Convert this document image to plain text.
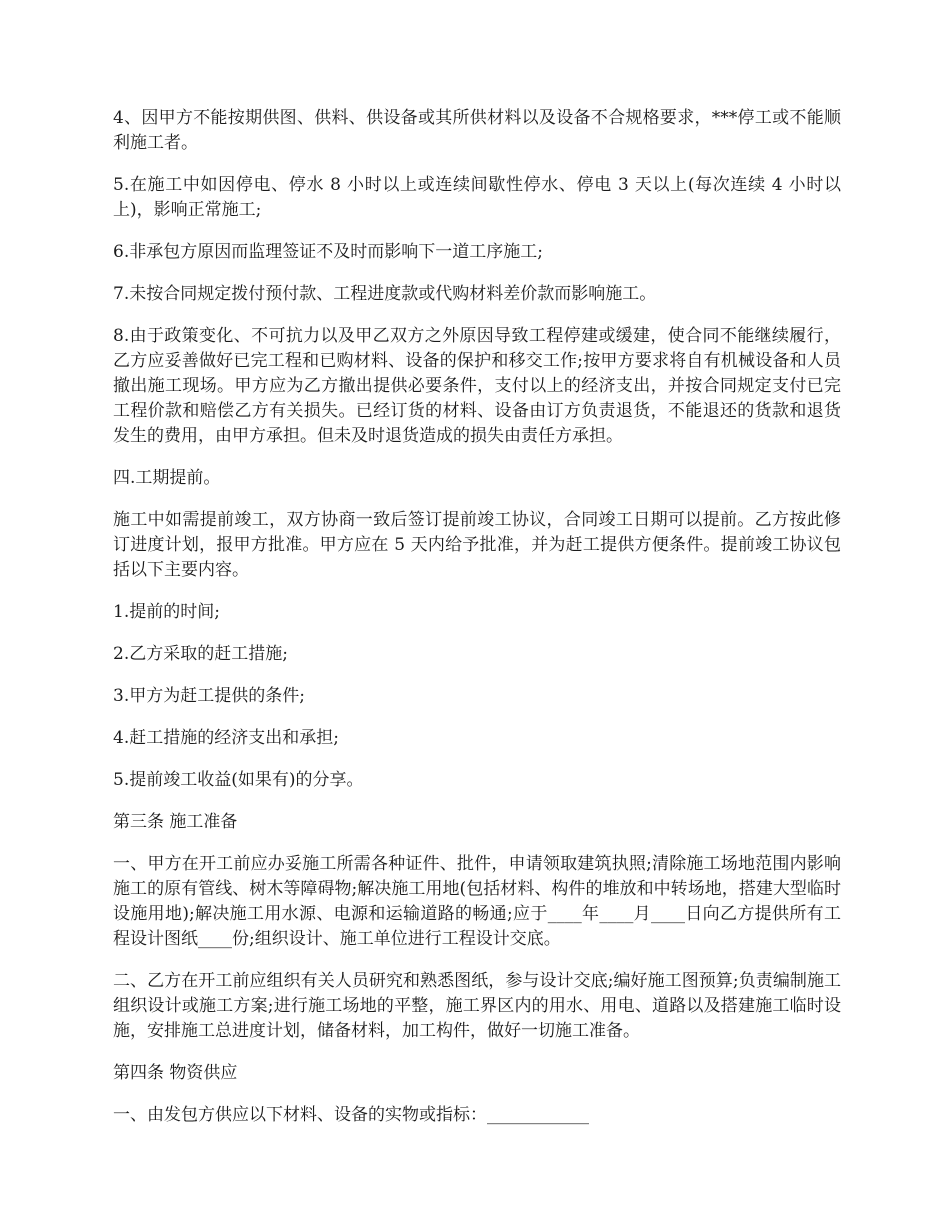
4、因甲方不能按期供图、供料、供设备或其所供材料以及设备不合规格要求，***停工或不能顺利施工者。

5.在施工中如因停电、停水 8 小时以上或连续间歇性停水、停电 3 天以上(每次连续 4 小时以上)，影响正常施工;

6.非承包方原因而监理签证不及时而影响下一道工序施工;

7.未按合同规定拨付预付款、工程进度款或代购材料差价款而影响施工。

8.由于政策变化、不可抗力以及甲乙双方之外原因导致工程停建或缓建，使合同不能继续履行，乙方应妥善做好已完工程和已购材料、设备的保护和移交工作;按甲方要求将自有机械设备和人员撤出施工现场。甲方应为乙方撤出提供必要条件，支付以上的经济支出，并按合同规定支付已完工程价款和赔偿乙方有关损失。已经订货的材料、设备由订方负责退货，不能退还的货款和退货发生的费用，由甲方承担。但未及时退货造成的损失由责任方承担。

四.工期提前。

施工中如需提前竣工，双方协商一致后签订提前竣工协议，合同竣工日期可以提前。乙方按此修订进度计划，报甲方批准。甲方应在 5 天内给予批准，并为赶工提供方便条件。提前竣工协议包括以下主要内容。

1.提前的时间;

2.乙方采取的赶工措施;

3.甲方为赶工提供的条件;

4.赶工措施的经济支出和承担;

5.提前竣工收益(如果有)的分享。

第三条 施工准备

一、甲方在开工前应办妥施工所需各种证件、批件，申请领取建筑执照;清除施工场地范围内影响施工的原有管线、树木等障碍物;解决施工用地(包括材料、构件的堆放和中转场地，搭建大型临时设施用地);解决施工用水源、电源和运输道路的畅通;应于____年____月____日向乙方提供所有工程设计图纸____份;组织设计、施工单位进行工程设计交底。

二、乙方在开工前应组织有关人员研究和熟悉图纸，参与设计交底;编好施工图预算;负责编制施工组织设计或施工方案;进行施工场地的平整，施工界区内的用水、用电、道路以及搭建施工临时设施，安排施工总进度计划，储备材料，加工构件，做好一切施工准备。

第四条 物资供应

一、由发包方供应以下材料、设备的实物或指标：____________
